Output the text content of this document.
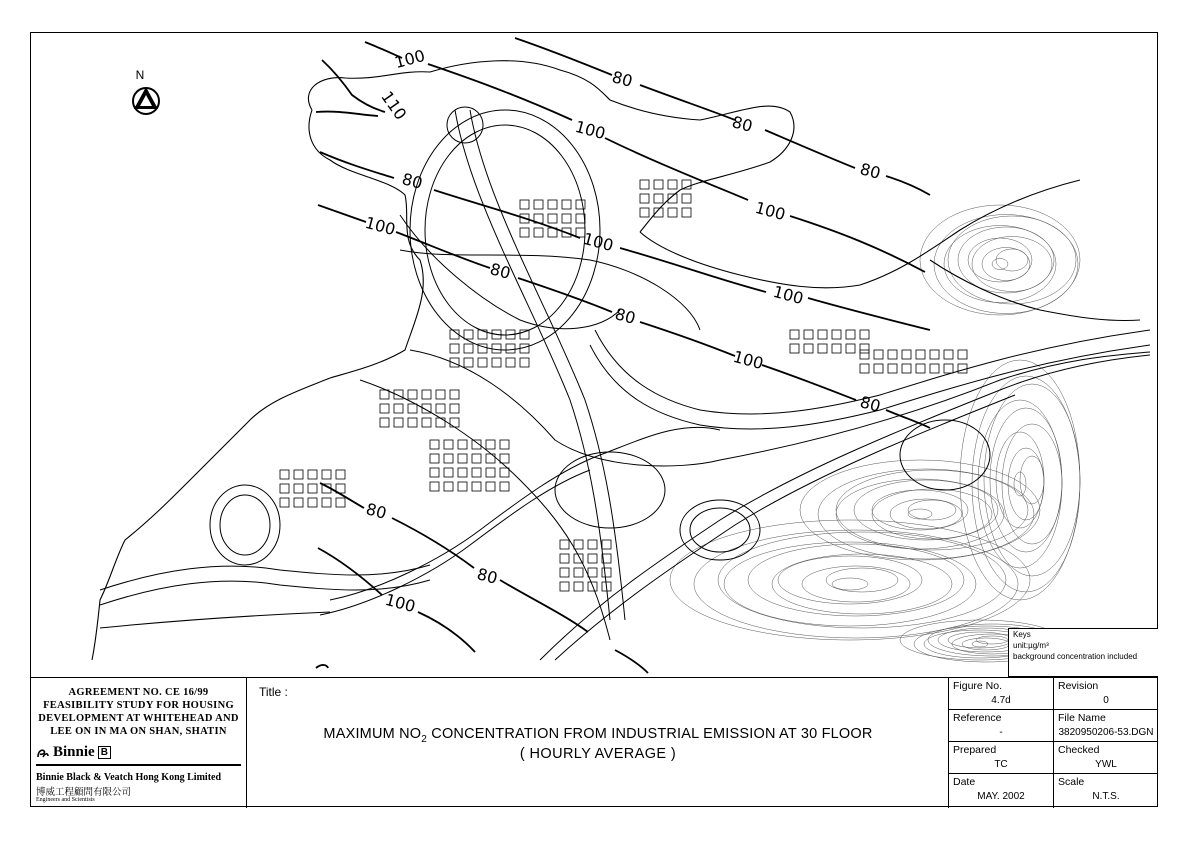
100
110
100
80
100
80
80
80
100
100
100
80
80
100
80
80
100
80
N
Keys
unit:µg/m³
background concentration included
AGREEMENT NO. CE 16/99
FEASIBILITY STUDY FOR HOUSING
DEVELOPMENT AT WHITEHEAD AND
LEE ON IN MA ON SHAN, SHATIN
Binnie B
Binnie Black & Veatch Hong Kong Limited
博威工程顧問有限公司
Engineers and Scientists
Title :
MAXIMUM $NO_2$ CONCENTRATION FROM INDUSTRIAL EMISSION AT 30 FLOOR
( HOURLY AVERAGE )
Figure No.
4.7d
Revision
0
Reference
-
File Name
3820950206-53.DGN
Prepared
TC
Checked
YWL
Date
MAY. 2002
Scale
N.T.S.
